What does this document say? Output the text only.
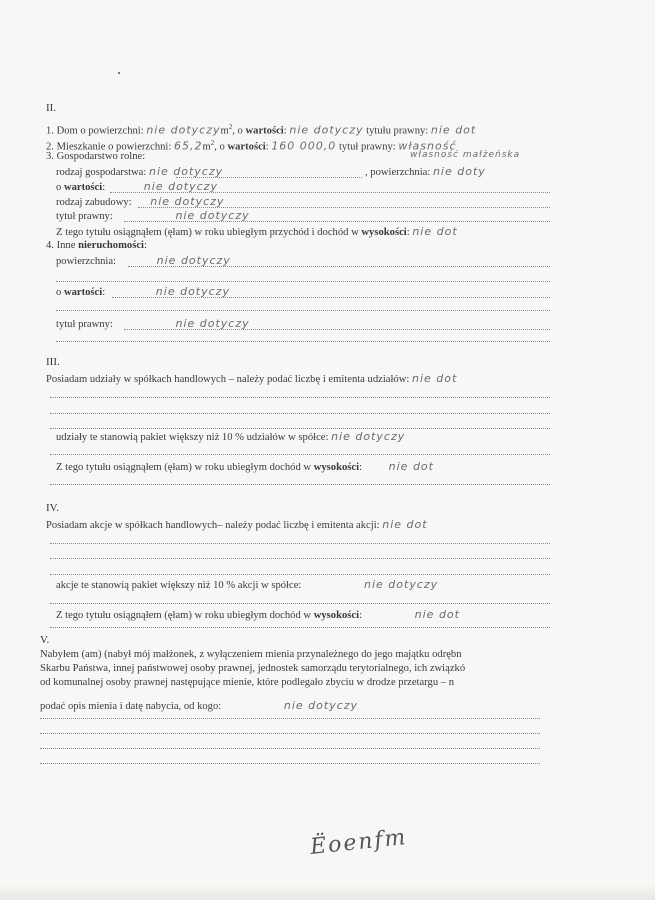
II.
1. Dom o powierzchni: nie dotyczym$^2$, o wartości: nie dotyczy tytułu prawny: nie dot
2. Mieszkanie o powierzchni: $65,2m^2$, o wartości: 160 000,0 tytuł prawny: własność
3. Gospodarstwo rolne:	własność małżeńska
rodzaj gospodarstwa: nie dotyczy	, powierzchnia: nie doty
o wartości:	nie dotyczy
rodzaj zabudowy: nie dotyczy
tytuł prawny:	nie dotyczy
Z tego tytułu osiągnąłem (ęłam) w roku ubiegłym przychód i dochód w wysokości: nie dot
4. Inne nieruchomości:
powierzchnia:	nie dotyczy
o wartości:	nie dotyczy
tytuł prawny:	nie dotyczy
III.
Posiadam udziały w spółkach handlowych – należy podać liczbę i emitenta udziałów: nie dot
udziały te stanowią pakiet większy niż 10 % udziałów w spółce: nie dotyczy
Z tego tytułu osiągnąłem (ęłam) w roku ubiegłym dochód w wysokości: nie dot
IV.
Posiadam akcje w spółkach handlowych– należy podać liczbę i emitenta akcji: nie dot
akcje te stanowią pakiet większy niż 10 % akcji w spółce:	nie dotyczy
Z tego tytułu osiągnąłem (ęłam) w roku ubiegłym dochód w wysokości:	nie dot
V.
Nabyłem (am) (nabył mój małżonek, z wyłączeniem mienia przynależnego do jego majątku odrębn
Skarbu Państwa, innej państwowej osoby prawnej, jednostek samorządu terytorialnego, ich związkó
od komunalnej osoby prawnej następujące mienie, które podlegało zbyciu w drodze przetargu – n
podać opis mienia i datę nabycia, od kogo:	nie dotyczy
Ёоenfm
